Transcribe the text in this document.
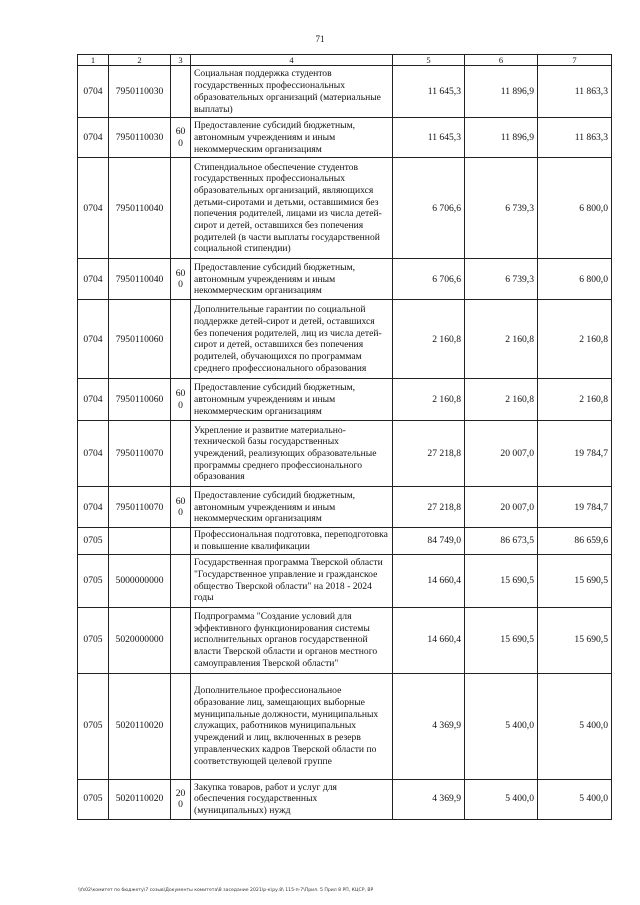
71
1	2	3	4	5	6	7
0704	7950110030		Социальная поддержка студентов государственных профессиональных образовательных организаций (материальные выплаты)	11 645,3	11 896,9	11 863,3
0704	7950110030	600	Предоставление субсидий бюджетным, автономным учреждениям и иным некоммерческим организациям	11 645,3	11 896,9	11 863,3
0704	7950110040		Стипендиальное обеспечение студентов государственных профессиональных образовательных организаций, являющихся детьми-сиротами и детьми, оставшимися без попечения родителей, лицами из числа детей-сирот и детей, оставшихся без попечения родителей (в части выплаты государственной социальной стипендии)	6 706,6	6 739,3	6 800,0
0704	7950110040	600	Предоставление субсидий бюджетным, автономным учреждениям и иным некоммерческим организациям	6 706,6	6 739,3	6 800,0
0704	7950110060		Дополнительные гарантии по социальной поддержке детей-сирот и детей, оставшихся без попечения родителей, лиц из числа детей-сирот и детей, оставшихся без попечения родителей, обучающихся по программам среднего профессионального образования	2 160,8	2 160,8	2 160,8
0704	7950110060	600	Предоставление субсидий бюджетным, автономным учреждениям и иным некоммерческим организациям	2 160,8	2 160,8	2 160,8
0704	7950110070		Укрепление и развитие материально-технической базы государственных учреждений, реализующих образовательные программы среднего профессионального образования	27 218,8	20 007,0	19 784,7
0704	7950110070	600	Предоставление субсидий бюджетным, автономным учреждениям и иным некоммерческим организациям	27 218,8	20 007,0	19 784,7
0705			Профессиональная подготовка, переподготовка и повышение квалификации	84 749,0	86 673,5	86 659,6
0705	5000000000		Государственная программа Тверской области "Государственное управление и гражданское общество Тверской области" на 2018 - 2024 годы	14 660,4	15 690,5	15 690,5
0705	5020000000		Подпрограмма "Создание условий для эффективного функционирования системы исполнительных органов государственной власти Тверской области и органов местного самоуправления Тверской области"	14 660,4	15 690,5	15 690,5
0705	5020110020		Дополнительное профессиональное образование лиц, замещающих выборные муниципальные должности, муниципальных служащих, работников муниципальных учреждений и лиц, включенных в резерв управленческих кадров Тверской области по соответствующей целевой группе	4 369,9	5 400,0	5 400,0
0705	5020110020	200	Закупка товаров, работ и услуг для обеспечения государственных (муниципальных) нужд	4 369,9	5 400,0	5 400,0
\\fs02\комитет по бюджету\7 созыв\Документы комитета\8 заседание 2021\р-к\ру.8\ 115-п-7\Прил. 5 Прил 8 РП, КЦСР, ВР
